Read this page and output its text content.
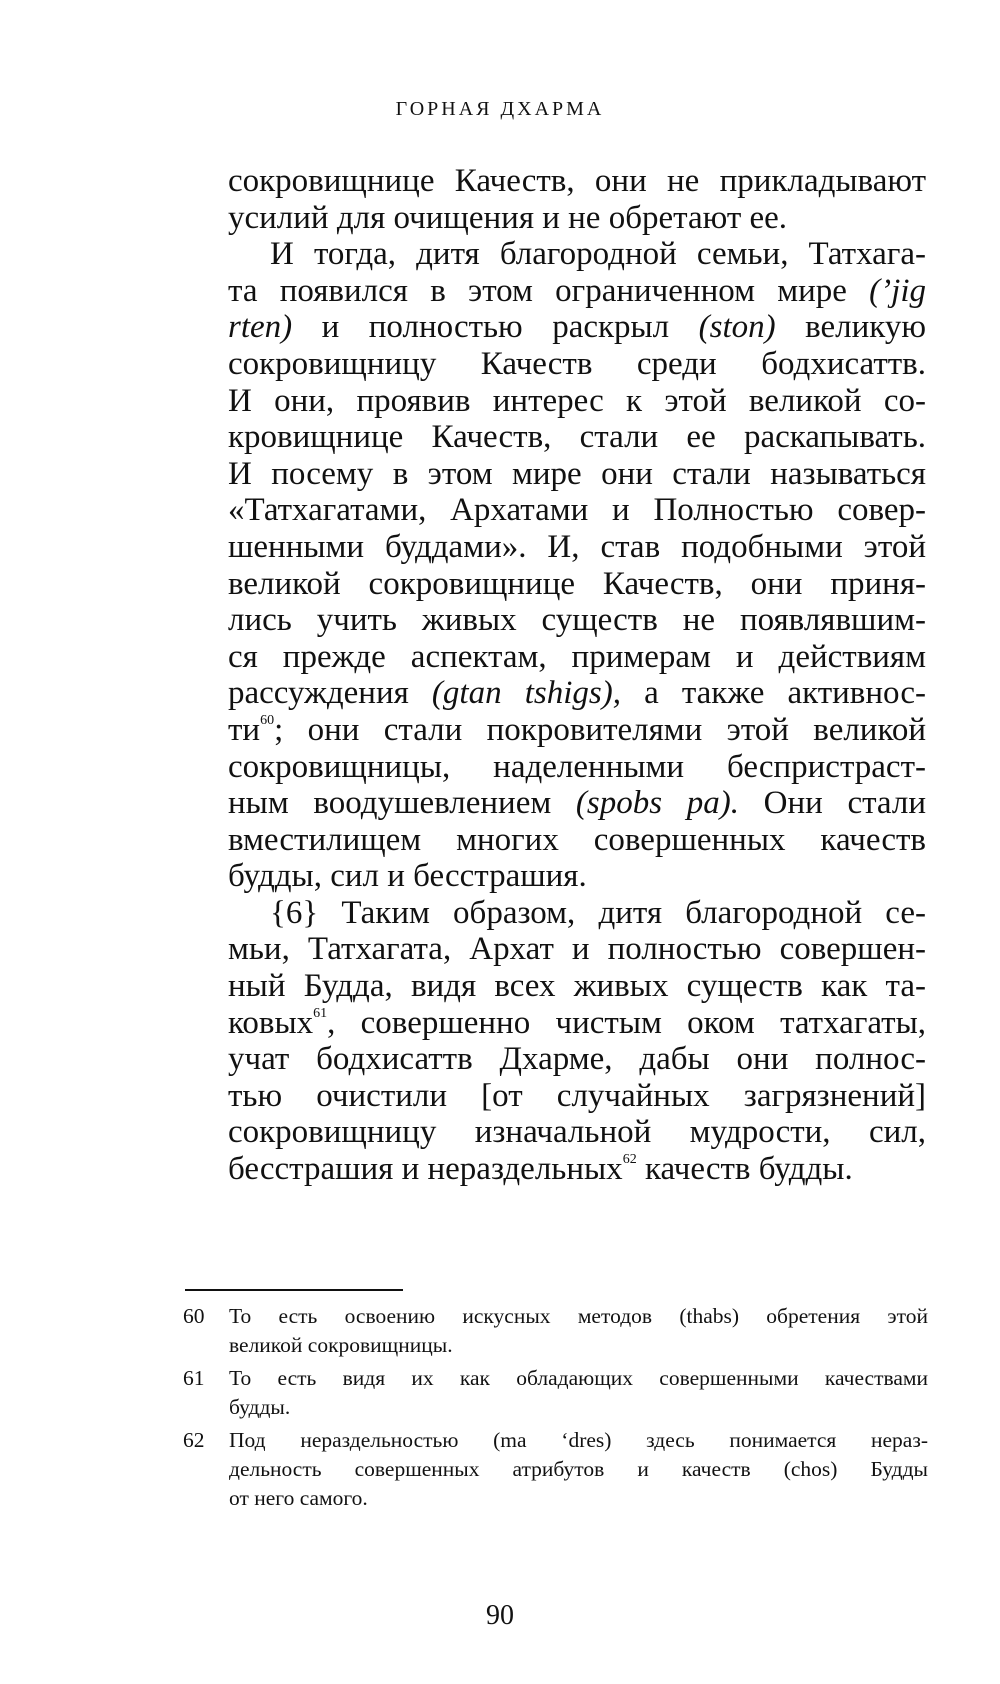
ГОРНАЯ ДХАРМА
сокровищнице Качеств, они не прикладывают
усилий для очищения и не обретают ее.
И тогда, дитя благородной семьи, Татхага-
та появился в этом ограниченном мире (’jig
rten) и полностью раскрыл (ston) великую
сокровищницу Качеств среди бодхисаттв.
И они, проявив интерес к этой великой со-
кровищнице Качеств, стали ее раскапывать.
И посему в этом мире они стали называться
«Татхагатами, Архатами и Полностью совер-
шенными буддами». И, став подобными этой
великой сокровищнице Качеств, они приня-
лись учить живых существ не появлявшим-
ся прежде аспектам, примерам и действиям
рассуждения (gtan tshigs), а также активнос-
$ти^{60}$; они стали покровителями этой великой
сокровищницы, наделенными беспристраст-
ным воодушевлением (spobs pa). Они стали
вместилищем многих совершенных качеств
будды, сил и бесстрашия.
{6} Таким образом, дитя благородной се-
мьи, Татхагата, Архат и полностью совершен-
ный Будда, видя всех живых существ как та-
ковых$^{61}$, совершенно чистым оком татхагаты,
учат бодхисаттв Дхарме, дабы они полнос-
тью очистили [от случайных загрязнений]
сокровищницу изначальной мудрости, сил,
бесстрашия и нераздельных$^{62}$ качеств будды.
60 То есть освоению искусных методов (thabs) обретения этой
великой сокровищницы.
61 То есть видя их как обладающих совершенными качествами
будды.
62 Под нераздельностью (ma ‘dres) здесь понимается нераз-
дельность совершенных атрибутов и качеств (chos) Будды
от него самого.
90
